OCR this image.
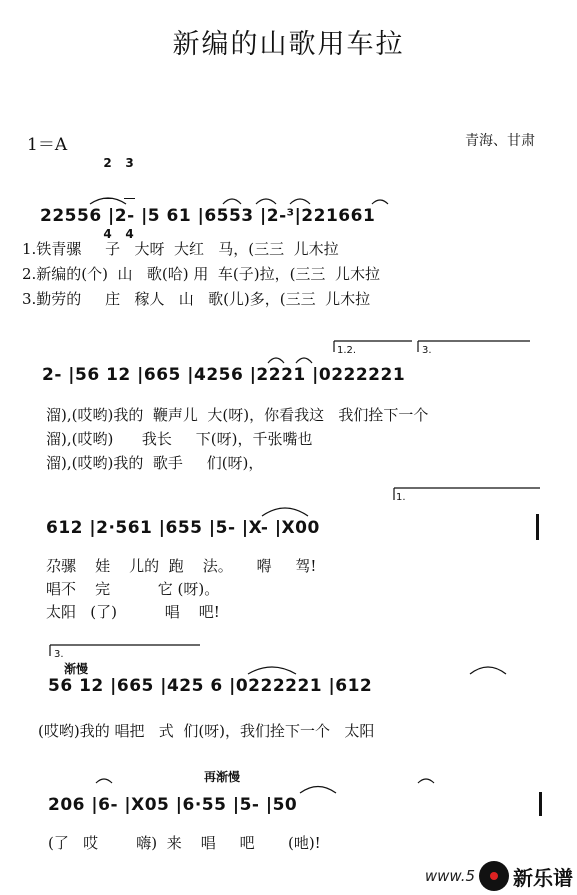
新编的山歌用车拉
1＝A

2

4

3

4

青海、甘肃
22556 |2- |5 61 |6553 |2-³|221661
1.铁青骡     子   大呀  大红   马，(三三  儿木拉
2.新编的(个)  山   歌(哈) 用  车(子)拉，(三三  儿木拉
3.勤劳的     庄   稼人   山   歌(儿)多，(三三  儿木拉
1.2.	3.
2- |56 12 |665 |4256 |2221 |0222221
溜),(哎哟)我的  鞭声儿  大(呀)，你看我这   我们拴下一个
溜),(哎哟)      我长     下(呀)，千张嘴也
溜),(哎哟)我的  歌手     们(呀)，
1.
612 |2·561 |655 |5- |X- |X00
尕骡    娃    儿的  跑    法。     嘚     驾!
唱不    完          它 (呀)。
太阳   (了)          唱    吧!
3.
渐慢
56 12 |665 |425 6 |0222221 |612
(哎哟)我的 唱把   式  们(呀)，我们拴下一个   太阳
再渐慢
206 |6- |X05 |6·55 |5- |50
(了   哎        嗨)  来    唱     吧       (吔)!
www.5 新乐谱
